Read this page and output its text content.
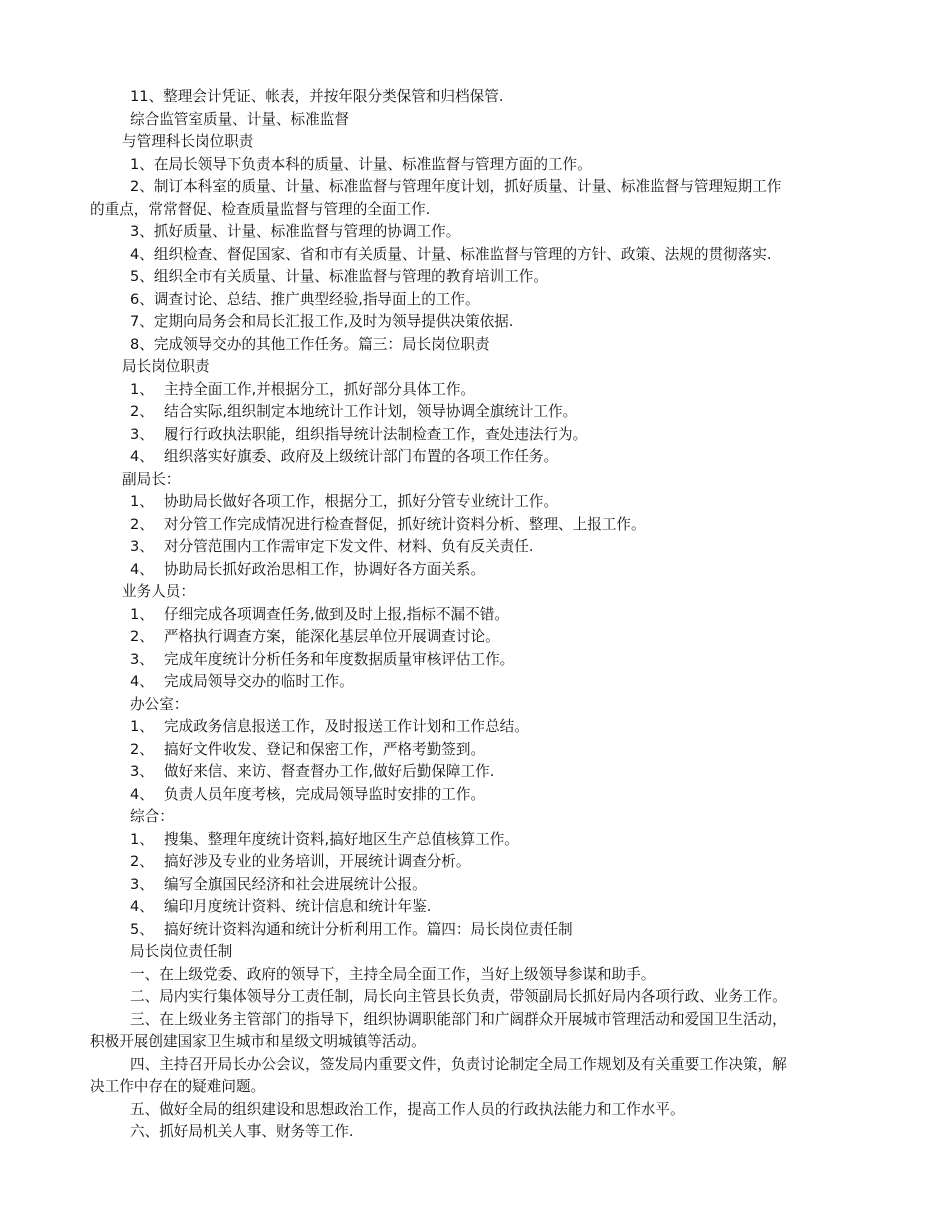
11、整理会计凭证、帐表，并按年限分类保管和归档保管.
综合监管室质量、计量、标准监督
与管理科长岗位职责
1、在局长领导下负责本科的质量、计量、标准监督与管理方面的工作。
2、制订本科室的质量、计量、标准监督与管理年度计划，抓好质量、计量、标准监督与管理短期工作
的重点，常常督促、检查质量监督与管理的全面工作.
3、抓好质量、计量、标准监督与管理的协调工作。
4、组织检查、督促国家、省和市有关质量、计量、标准监督与管理的方针、政策、法规的贯彻落实.
5、组织全市有关质量、计量、标准监督与管理的教育培训工作。
6、调查讨论、总结、推广典型经验,指导面上的工作。
7、定期向局务会和局长汇报工作,及时为领导提供决策依据.
8、完成领导交办的其他工作任务。篇三：局长岗位职责
局长岗位职责
1、 主持全面工作,并根据分工，抓好部分具体工作。
2、 结合实际,组织制定本地统计工作计划，领导协调全旗统计工作。
3、 履行行政执法职能，组织指导统计法制检查工作，查处违法行为。
4、 组织落实好旗委、政府及上级统计部门布置的各项工作任务。
副局长：
1、 协助局长做好各项工作，根据分工，抓好分管专业统计工作。
2、 对分管工作完成情况进行检查督促，抓好统计资料分析、整理、上报工作。
3、 对分管范围内工作需审定下发文件、材料、负有反关责任.
4、 协助局长抓好政治思相工作，协调好各方面关系。
业务人员：
1、 仔细完成各项调查任务,做到及时上报,指标不漏不错。
2、 严格执行调查方案，能深化基层单位开展调查讨论。
3、 完成年度统计分析任务和年度数据质量审核评估工作。
4、 完成局领导交办的临时工作。
办公室：
1、 完成政务信息报送工作，及时报送工作计划和工作总结。
2、 搞好文件收发、登记和保密工作，严格考勤签到。
3、 做好来信、来访、督查督办工作,做好后勤保障工作.
4、 负责人员年度考核，完成局领导监时安排的工作。
综合：
1、 搜集、整理年度统计资料,搞好地区生产总值核算工作。
2、 搞好涉及专业的业务培训，开展统计调查分析。
3、 编写全旗国民经济和社会进展统计公报。
4、 编印月度统计资料、统计信息和统计年鉴.
5、 搞好统计资料沟通和统计分析利用工作。篇四：局长岗位责任制
局长岗位责任制
一、在上级党委、政府的领导下，主持全局全面工作，当好上级领导参谋和助手。
二、局内实行集体领导分工责任制，局长向主管县长负责，带领副局长抓好局内各项行政、业务工作。
三、在上级业务主管部门的指导下，组织协调职能部门和广阔群众开展城市管理活动和爱国卫生活动，
积极开展创建国家卫生城市和星级文明城镇等活动。
四、主持召开局长办公会议，签发局内重要文件，负责讨论制定全局工作规划及有关重要工作决策，解
决工作中存在的疑难问题。
五、做好全局的组织建设和思想政治工作，提高工作人员的行政执法能力和工作水平。
六、抓好局机关人事、财务等工作.
